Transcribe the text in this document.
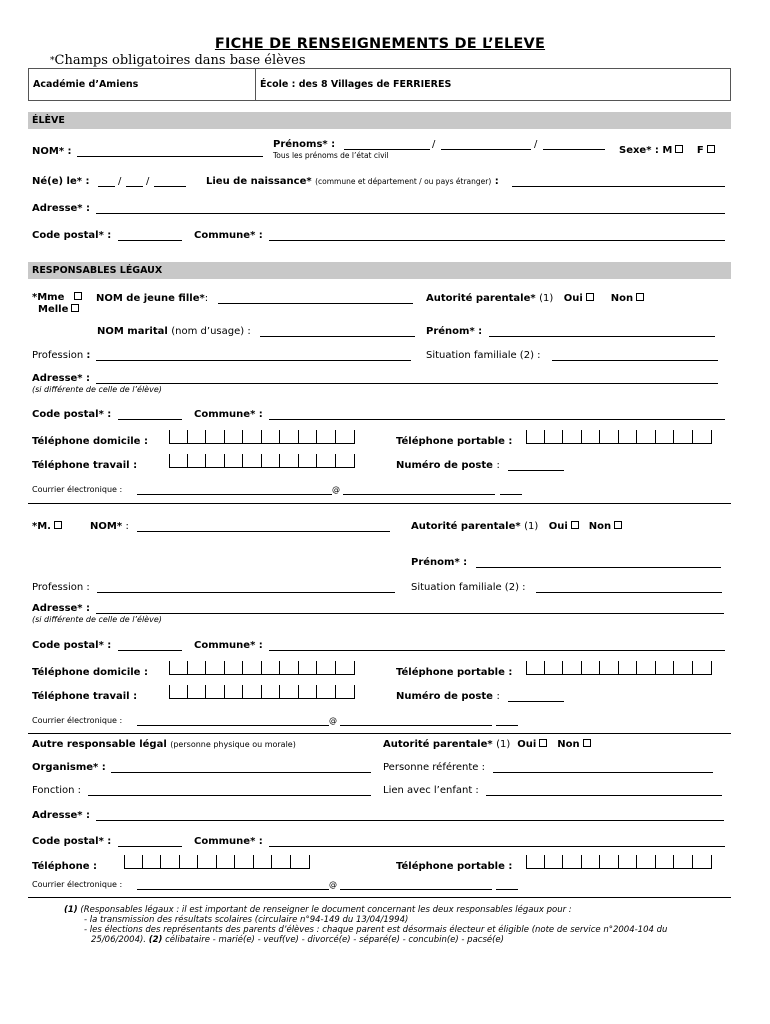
FICHE DE RENSEIGNEMENTS DE L’ELEVE
*Champs obligatoires dans base élèves
Académie d’Amiens	École : des 8 Villages de FERRIERES
ÉLÈVE
NOM* :
Prénoms* :	/	/
Tous les prénoms de l’état civil	Sexe* : M F
Né(e) le* :	/ /	Lieu de naissance* (commune et département / ou pays étranger) :
Adresse* :
Code postal* :	Commune* :
RESPONSABLES LÉGAUX
*Mme
Melle
NOM de jeune fille*:	Autorité parentale* (1) Oui	Non
NOM marital (nom d’usage) :	Prénom* :
Profession :	Situation familiale (2) :
Adresse* :
(si différente de celle de l’élève)
Code postal* :	Commune* :
Téléphone domicile :	Téléphone portable :
Téléphone travail :	Numéro de poste :
Courrier électronique :	@
*M.	NOM* :	Autorité parentale* (1) Oui Non
Prénom* :
Profession :	Situation familiale (2) :
Adresse* :
(si différente de celle de l’élève)
Code postal* :	Commune* :
Téléphone domicile :	Téléphone portable :
Téléphone travail :	Numéro de poste :
Courrier électronique :	@
Autre responsable légal (personne physique ou morale)	Autorité parentale* (1) Oui Non
Organisme* :	Personne référente :
Fonction :	Lien avec l’enfant :
Adresse* :
Code postal* :	Commune* :
Téléphone :	Téléphone portable :
Courrier électronique :	@
(1) (Responsables légaux : il est important de renseigner le document concernant les deux responsables légaux pour :
- la transmission des résultats scolaires (circulaire n°94-149 du 13/04/1994)
- les élections des représentants des parents d’élèves : chaque parent est désormais électeur et éligible (note de service n°2004-104 du
25/06/2004). (2) célibataire - marié(e) - veuf(ve) - divorcé(e) - séparé(e) - concubin(e) - pacsé(e)
